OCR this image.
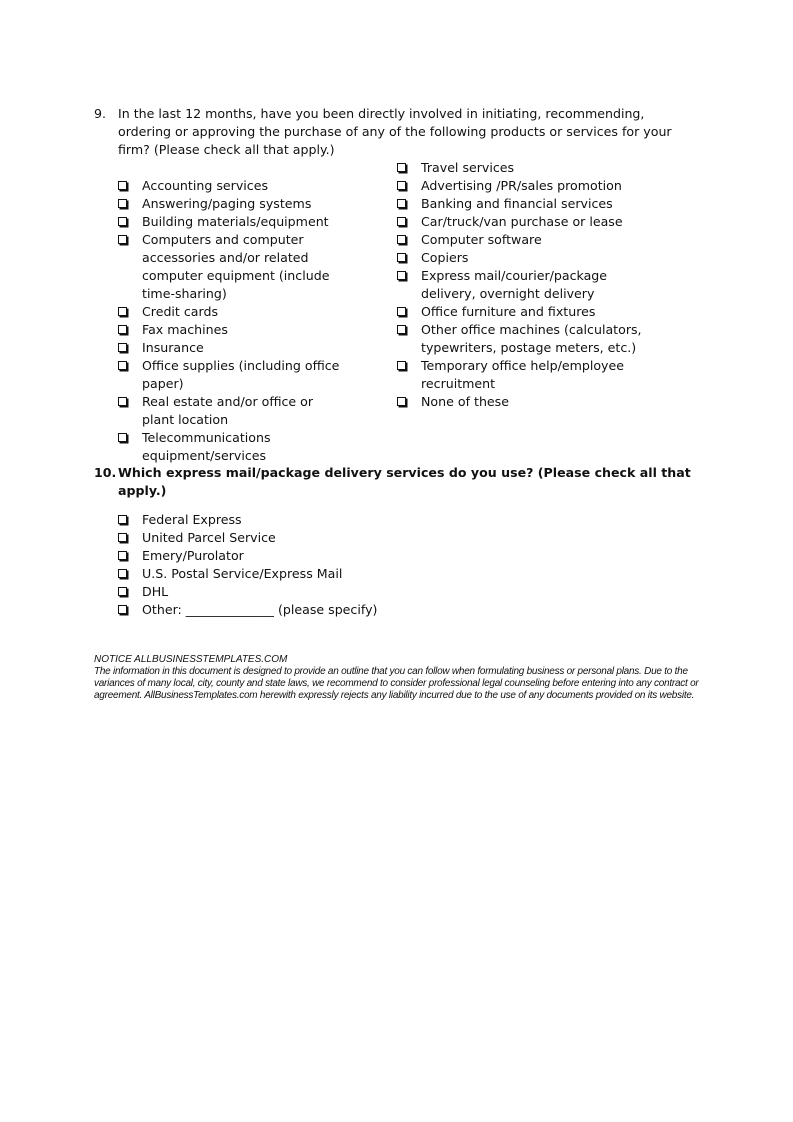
9. In the last 12 months, have you been directly involved in initiating, recommending, ordering or approving the purchase of any of the following products or services for your firm? (Please check all that apply.)
Accounting services
Answering/paging systems
Building materials/equipment
Computers and computer accessories and/or related computer equipment (include time-sharing)
Credit cards
Fax machines
Insurance
Office supplies (including office paper)
Real estate and/or office or plant location
Telecommunications equipment/services
Travel services
Advertising /PR/sales promotion
Banking and financial services
Car/truck/van purchase or lease
Computer software
Copiers
Express mail/courier/package delivery, overnight delivery
Office furniture and fixtures
Other office machines (calculators, typewriters, postage meters, etc.)
Temporary office help/employee recruitment
None of these
10. Which express mail/package delivery services do you use? (Please check all that apply.)
Federal Express
United Parcel Service
Emery/Purolator
U.S. Postal Service/Express Mail
DHL
Other: ______________ (please specify)
NOTICE ALLBUSINESSTEMPLATES.COM
The information in this document is designed to provide an outline that you can follow when formulating business or personal plans. Due to the variances of many local, city, county and state laws, we recommend to consider professional legal counseling before entering into any contract or agreement. AllBusinessTemplates.com herewith expressly rejects any liability incurred due to the use of any documents provided on its website.
